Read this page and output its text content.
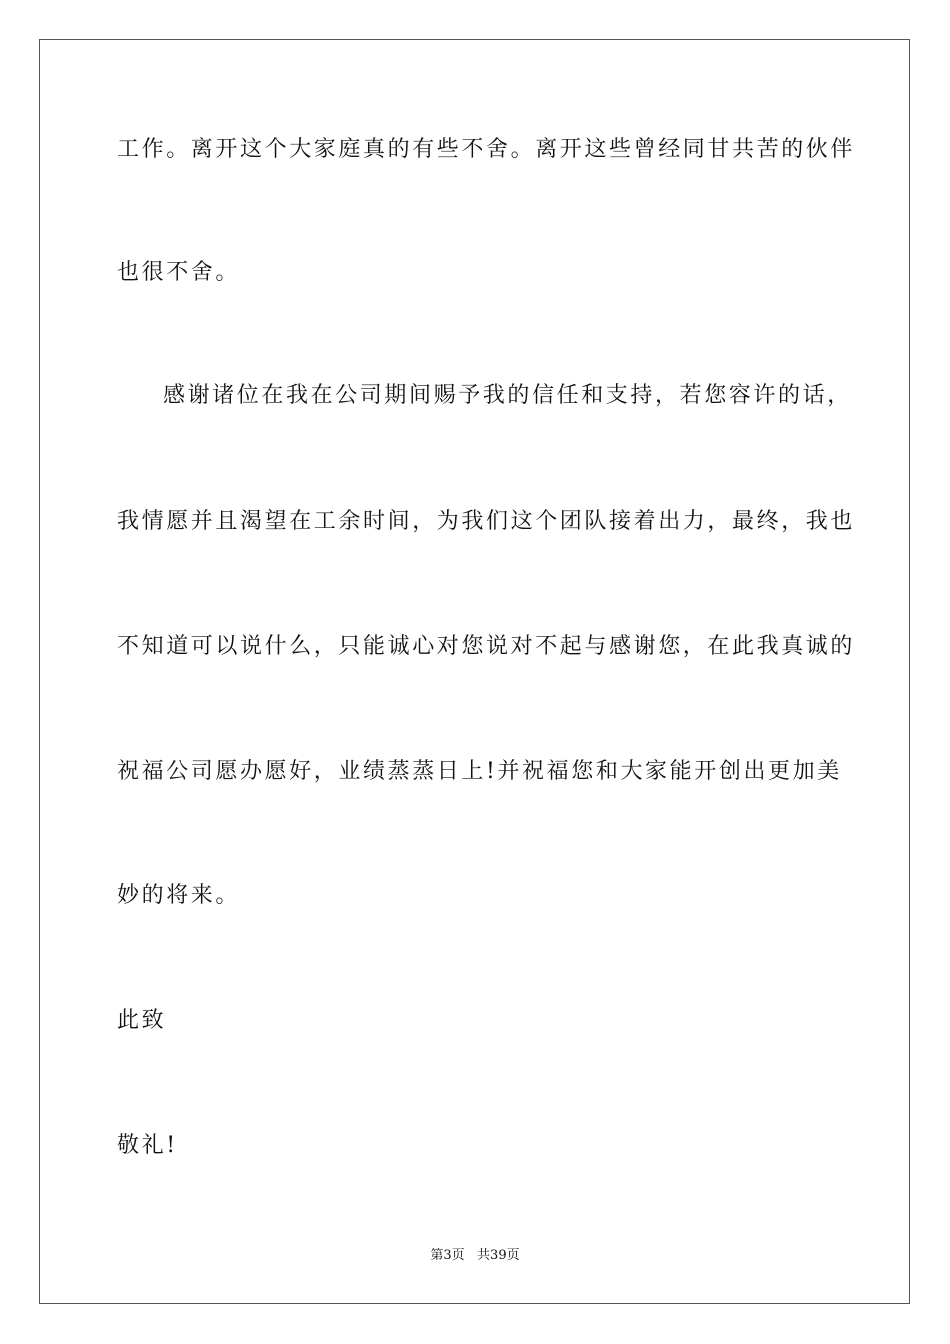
工作。离开这个大家庭真的有些不舍。离开这些曾经同甘共苦的伙伴
也很不舍。
感谢诸位在我在公司期间赐予我的信任和支持，若您容许的话，
我情愿并且渴望在工余时间，为我们这个团队接着出力，最终，我也
不知道可以说什么，只能诚心对您说对不起与感谢您，在此我真诚的
祝福公司愿办愿好，业绩蒸蒸日上!并祝福您和大家能开创出更加美
妙的将来。
此致
敬礼!
第3页   共39页
